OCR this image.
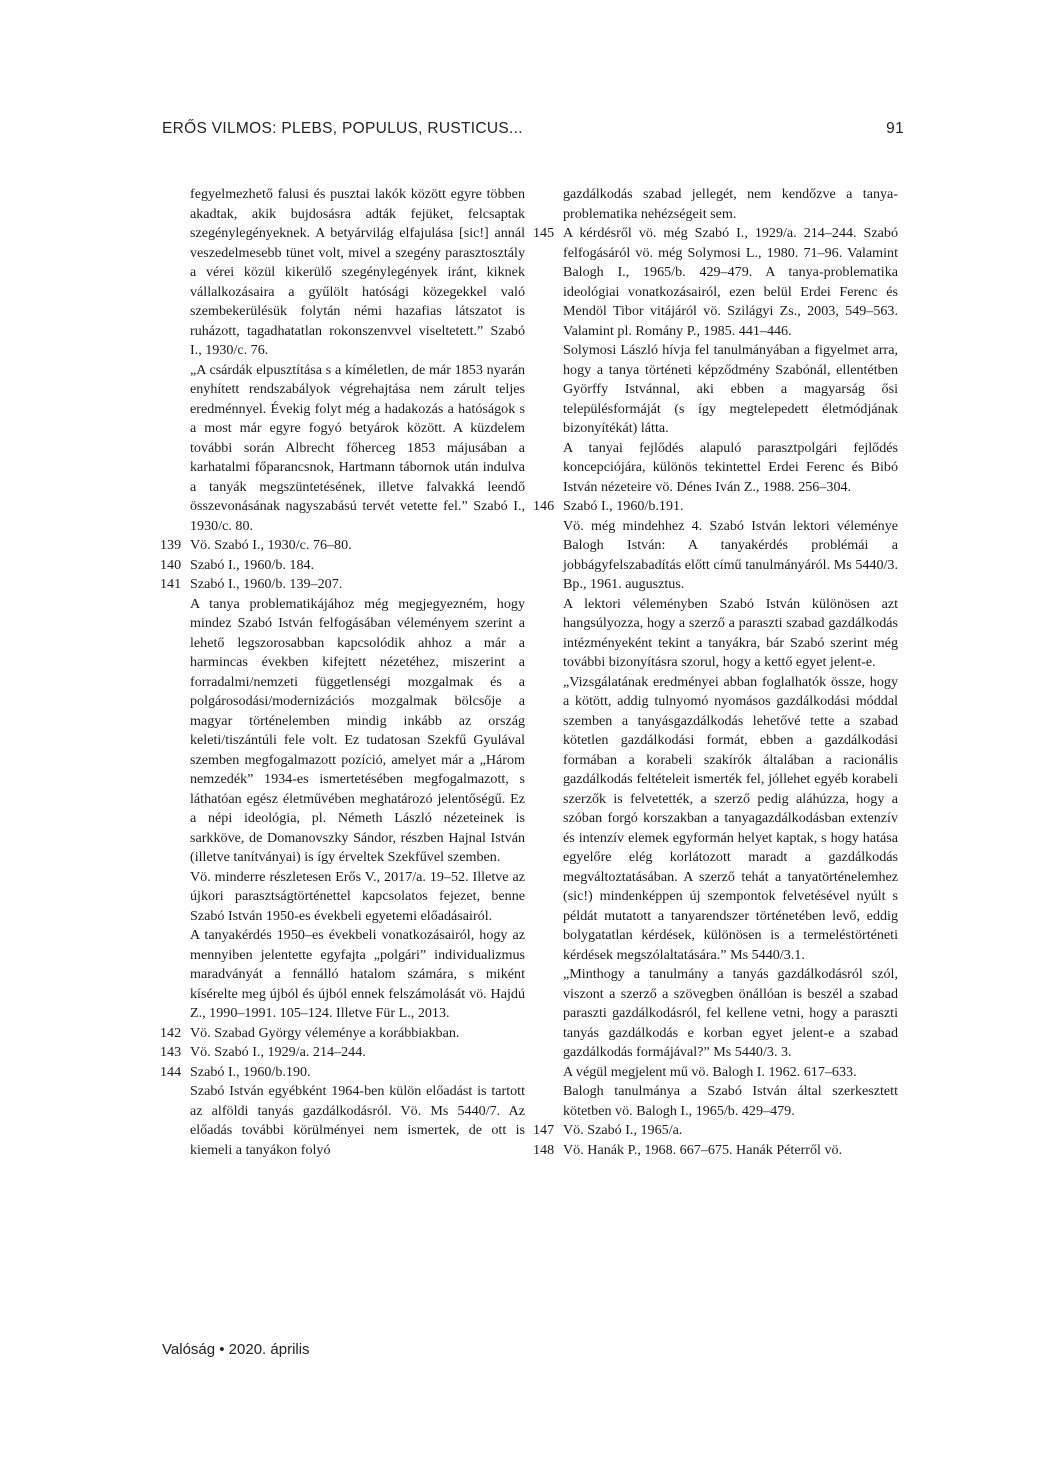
ERŐS VILMOS: PLEBS, POPULUS, RUSTICUS...	91

fegyelmezhető falusi és pusztai lakók között egyre többen akadtak, akik bujdosásra adták fejüket, felcsaptak szegénylegényeknek. A betyárvilág elfajulása [sic!] annál veszedelmesebb tünet volt, mivel a szegény parasztosztály a vérei közül kikerülő szegénylegények iránt, kiknek vállalkozásaira a gyűlölt hatósági közegekkel való szembekerülésük folytán némi hazafias látszatot is ruházott, tagadhatatlan rokonszenvvel viseltetett.” Szabó I., 1930/c. 76.

„A csárdák elpusztítása s a kíméletlen, de már 1853 nyarán enyhített rendszabályok végrehajtása nem zárult teljes eredménnyel. Évekig folyt még a hadakozás a hatóságok s a most már egyre fogyó betyárok között. A küzdelem további során Albrecht főherceg 1853 májusában a karhatalmi főparancsnok, Hartmann tábornok után indulva a tanyák megszüntetésének, illetve falvakká leendő összevonásának nagyszabású tervét vetette fel.” Szabó I., 1930/c. 80.

139 Vö. Szabó I., 1930/c. 76–80.
140 Szabó I., 1960/b. 184.
141 Szabó I., 1960/b. 139–207.

A tanya problematikájához még megjegyezném, hogy mindez Szabó István felfogásában véleményem szerint a lehető legszorosabban kapcsolódik ahhoz a már a harmincas években kifejtett nézetéhez, miszerint a forradalmi/nemzeti függetlenségi mozgalmak és a polgárosodási/modernizációs mozgalmak bölcsője a magyar történelemben mindig inkább az ország keleti/tiszántúli fele volt. Ez tudatosan Szekfű Gyulával szemben megfogalmazott pozíció, amelyet már a „Három nemzedék” 1934-es ismertetésében megfogalmazott, s láthatóan egész életművében meghatározó jelentőségű. Ez a népi ideológia, pl. Németh László nézeteinek is sarkköve, de Domanovszky Sándor, részben Hajnal István (illetve tanítványai) is így érveltek Szekfűvel szemben.

Vö. minderre részletesen Erős V., 2017/a. 19–52. Illetve az újkori parasztságtörténettel kapcsolatos fejezet, benne Szabó István 1950-es évekbeli egyetemi előadásairól.

A tanyakérdés 1950–es évekbeli vonatkozásairól, hogy az mennyiben jelentette egyfajta „polgári” individualizmus maradványát a fennálló hatalom számára, s miként kísérelte meg újból és újból ennek felszámolását vö. Hajdú Z., 1990–1991. 105–124. Illetve Für L., 2013.

142 Vö. Szabad György véleménye a korábbiakban.
143 Vö. Szabó I., 1929/a. 214–244.
144 Szabó I., 1960/b.190.

Szabó István egyébként 1964-ben külön előadást is tartott az alföldi tanyás gazdálkodásról. Vö. Ms 5440/7. Az előadás további körülményei nem ismertek, de ott is kiemeli a tanyákon folyó

gazdálkodás szabad jellegét, nem kendőzve a tanya-problematika nehézségeit sem.

145 A kérdésről vö. még Szabó I., 1929/a. 214–244. Szabó felfogásáról vö. még Solymosi L., 1980. 71–96. Valamint Balogh I., 1965/b. 429–479. A tanya-problematika ideológiai vonatkozásairól, ezen belül Erdei Ferenc és Mendöl Tibor vitájáról vö. Szilágyi Zs., 2003, 549–563. Valamint pl. Romány P., 1985. 441–446.

Solymosi László hívja fel tanulmányában a figyelmet arra, hogy a tanya történeti képződmény Szabónál, ellentétben Györffy Istvánnal, aki ebben a magyarság ősi településformáját (s így megtelepedett életmódjának bizonyítékát) látta.

A tanyai fejlődés alapuló parasztpolgári fejlődés koncepciójára, különös tekintettel Erdei Ferenc és Bibó István nézeteire vö. Dénes Iván Z., 1988. 256–304.

146 Szabó I., 1960/b.191.

Vö. még mindehhez 4. Szabó István lektori véleménye Balogh István: A tanyakérdés problémái a jobbágyfelszabadítás előtt című tanulmányáról. Ms 5440/3. Bp., 1961. augusztus.

A lektori véleményben Szabó István különösen azt hangsúlyozza, hogy a szerző a paraszti szabad gazdálkodás intézményeként tekint a tanyákra, bár Szabó szerint még további bizonyításra szorul, hogy a kettő egyet jelent-e.

„Vizsgálatának eredményei abban foglalhatók össze, hogy a kötött, addig tulnyomó nyomásos gazdálkodási móddal szemben a tanyásgazdálkodás lehetővé tette a szabad kötetlen gazdálkodási formát, ebben a gazdálkodási formában a korabeli szakírók általában a racionális gazdálkodás feltételeit ismerték fel, jóllehet egyéb korabeli szerzők is felvetették, a szerző pedig aláhúzza, hogy a szóban forgó korszakban a tanyagazdálkodásban extenzív és intenzív elemek egyformán helyet kaptak, s hogy hatása egyelőre elég korlátozott maradt a gazdálkodás megváltoztatásában. A szerző tehát a tanyatörténelemhez (sic!) mindenképpen új szempontok felvetésével nyúlt s példát mutatott a tanyarendszer történetében levő, eddig bolygatatlan kérdések, különösen is a termeléstörténeti kérdések megszólaltatására.” Ms 5440/3.1.

„Minthogy a tanulmány a tanyás gazdálkodásról szól, viszont a szerző a szövegben önállóan is beszél a szabad paraszti gazdálkodásról, fel kellene vetni, hogy a paraszti tanyás gazdálkodás e korban egyet jelent-e a szabad gazdálkodás formájával?” Ms 5440/3. 3.

A végül megjelent mű vö. Balogh I. 1962. 617–633.

Balogh tanulmánya a Szabó István által szerkesztett kötetben vö. Balogh I., 1965/b. 429–479.

147 Vö. Szabó I., 1965/a.
148 Vö. Hanák P., 1968. 667–675. Hanák Péterről vö.
Valóság • 2020. április
